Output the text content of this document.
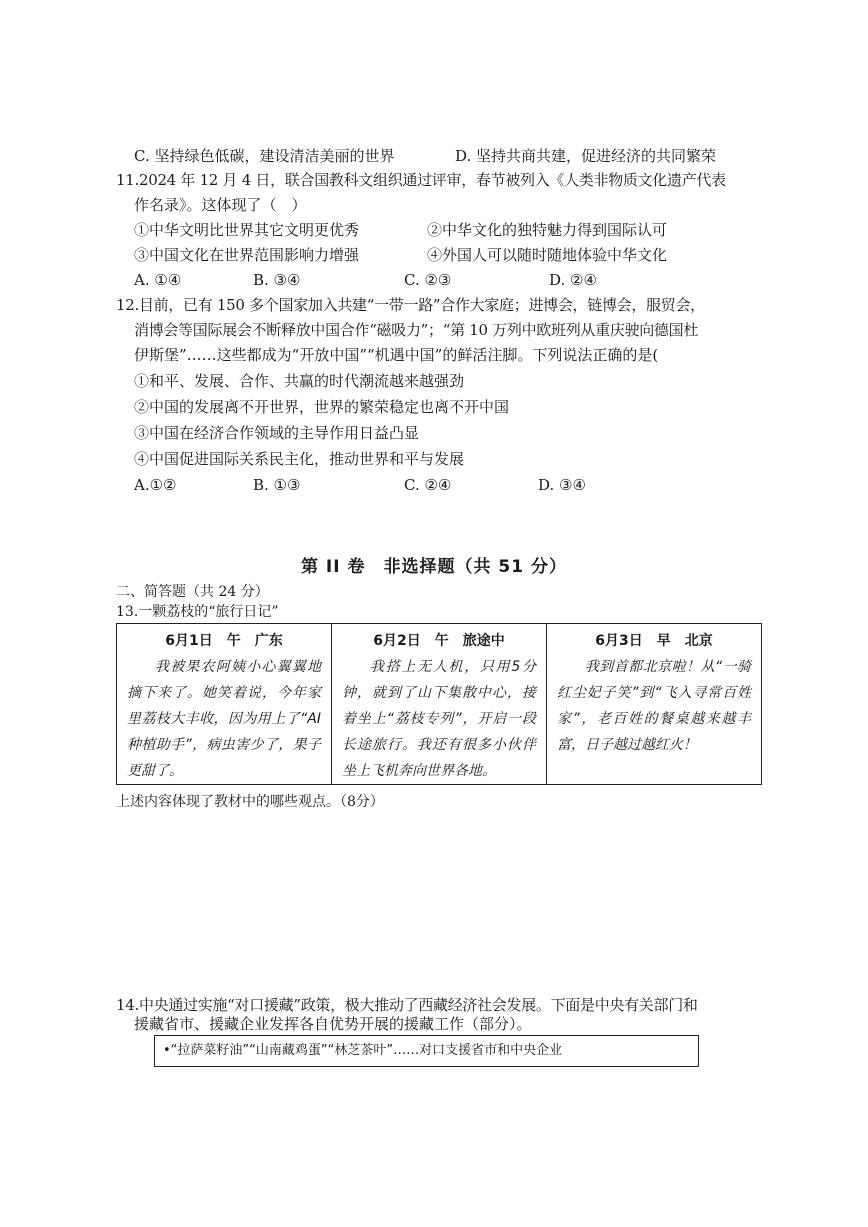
C. 坚持绿色低碳，建设清洁美丽的世界	D. 坚持共商共建，促进经济的共同繁荣
11.2024 年 12 月 4 日，联合国教科文组织通过评审，春节被列入《人类非物质文化遗产代表
作名录》。这体现了（　）
①中华文明比世界其它文明更优秀	②中华文化的独特魅力得到国际认可
③中国文化在世界范围影响力增强	④外国人可以随时随地体验中华文化
A. ①④	B. ③④	C. ②③	D. ②④
12.目前，已有 150 多个国家加入共建“一带一路”合作大家庭；进博会，链博会，服贸会，
消博会等国际展会不断释放中国合作“磁吸力”；“第 10 万列中欧班列从重庆驶向德国杜
伊斯堡”……这些都成为“开放中国”“机遇中国”的鲜活注脚。下列说法正确的是(
①和平、发展、合作、共赢的时代潮流越来越强劲
②中国的发展离不开世界，世界的繁荣稳定也离不开中国
③中国在经济合作领域的主导作用日益凸显
④中国促进国际关系民主化，推动世界和平与发展
A.①②	B. ①③	C. ②④	D. ③④
第 II 卷　非选择题（共 51 分）
二、简答题（共 24 分）
13.一颗荔枝的“旅行日记”
6月1日　午　广东
我被果农阿姨小心翼翼地摘下来了。她笑着说，今年家里荔枝大丰收，因为用上了“AI 种植助手”，病虫害少了，果子更甜了。
6月2日　午　旅途中
我搭上无人机，只用5分钟，就到了山下集散中心，接着坐上“荔枝专列”，开启一段长途旅行。我还有很多小伙伴坐上飞机奔向世界各地。
6月3日　早　北京
我到首都北京啦！从“一骑红尘妃子笑”到“飞入寻常百姓家”，老百姓的餐桌越来越丰富，日子越过越红火！
上述内容体现了教材中的哪些观点。（8分）
14.中央通过实施“对口援藏”政策，极大推动了西藏经济社会发展。下面是中央有关部门和
援藏省市、援藏企业发挥各自优势开展的援藏工作（部分）。
•“拉萨菜籽油”“山南藏鸡蛋”“林芝茶叶”……对口支援省市和中央企业
